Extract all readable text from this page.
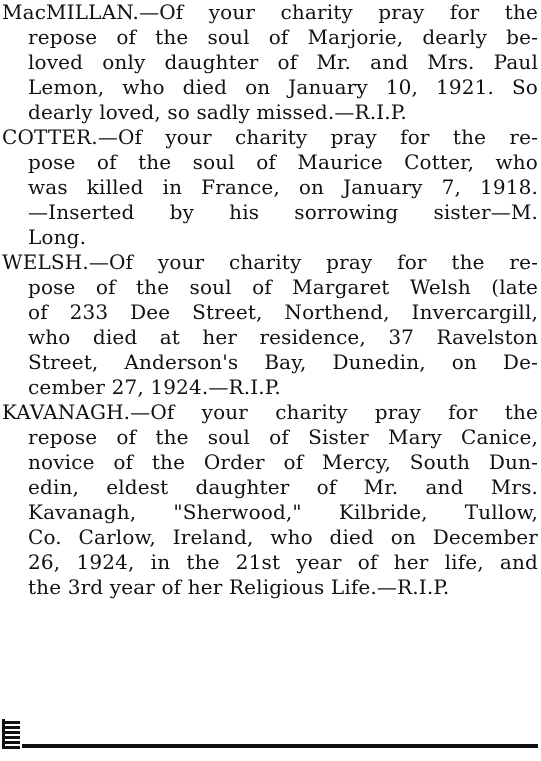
MacMILLAN.—Of your charity pray for the
repose of the soul of Marjorie, dearly be-
loved only daughter of Mr. and Mrs. Paul
Lemon, who died on January 10, 1921. So
dearly loved, so sadly missed.—R.I.P.
COTTER.—Of your charity pray for the re-
pose of the soul of Maurice Cotter, who
was killed in France, on January 7, 1918.
—Inserted by his sorrowing sister—M.
Long.
WELSH.—Of your charity pray for the re-
pose of the soul of Margaret Welsh (late
of 233 Dee Street, Northend, Invercargill,
who died at her residence, 37 Ravelston
Street, Anderson's Bay, Dunedin, on De-
cember 27, 1924.—R.I.P.
KAVANAGH.—Of your charity pray for the
repose of the soul of Sister Mary Canice,
novice of the Order of Mercy, South Dun-
edin, eldest daughter of Mr. and Mrs.
Kavanagh, "Sherwood," Kilbride, Tullow,
Co. Carlow, Ireland, who died on December
26, 1924, in the 21st year of her life, and
the 3rd year of her Religious Life.—R.I.P.
